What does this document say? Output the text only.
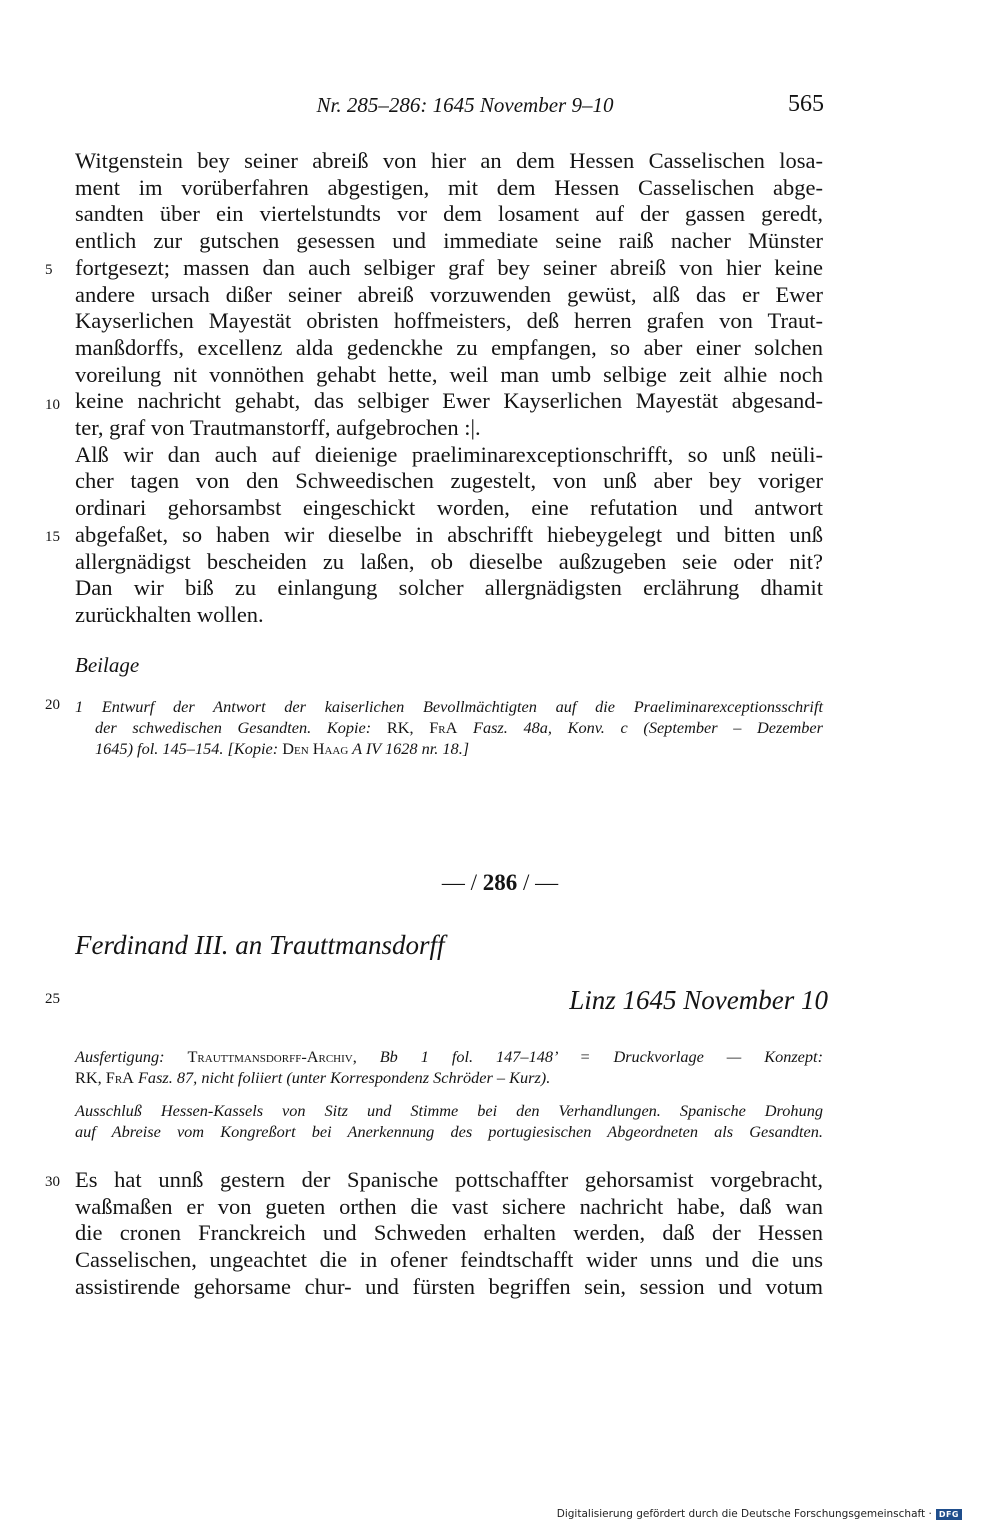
Nr. 285–286: 1645 November 9–10	565
Witgenstein bey seiner abreiß von hier an dem Hessen Casselischen losa-
ment im vorüberfahren abgestigen, mit dem Hessen Casselischen abge-
sandten über ein viertelstundts vor dem losament auf der gassen geredt,
entlich zur gutschen gesessen und immediate seine raiß nacher Münster
fortgesezt; massen dan auch selbiger graf bey seiner abreiß von hier keine
andere ursach dißer seiner abreiß vorzuwenden gewüst, alß das er Ewer
Kayserlichen Mayestät obristen hoffmeisters, deß herren grafen von Traut-
manßdorffs, excellenz alda gedenckhe zu empfangen, so aber einer solchen
voreilung nit vonnöthen gehabt hette, weil man umb selbige zeit alhie noch
keine nachricht gehabt, das selbiger Ewer Kayserlichen Mayestät abgesand-
ter, graf von Trautmanstorff, aufgebrochen :|.
Alß wir dan auch auf dieienige praeliminarexceptionschrifft, so unß neüli-
cher tagen von den Schweedischen zugestelt, von unß aber bey voriger
ordinari gehorsambst eingeschickt worden, eine refutation und antwort
abgefaßet, so haben wir dieselbe in abschrifft hiebeygelegt und bitten unß
allergnädigst bescheiden zu laßen, ob dieselbe außzugeben seie oder nit?
Dan wir biß zu einlangung solcher allergnädigsten erclährung dhamit
zurückhalten wollen.
5
10
15
Beilage
20 1 Entwurf der Antwort der kaiserlichen Bevollmächtigten auf die Praeliminarexceptionsschrift
der schwedischen Gesandten. Kopie: RK, FrA Fasz. 48a, Konv. c (September – Dezember
1645) fol. 145–154. [Kopie: Den Haag A IV 1628 nr. 18.]
— / 286 / —
Ferdinand III. an Trauttmansdorff
25	Linz 1645 November 10
Ausfertigung: Trauttmansdorff-Archiv, Bb 1 fol. 147–148’ = Druckvorlage — Konzept:
RK, FrA Fasz. 87, nicht foliiert (unter Korrespondenz Schröder – Kurz).
Ausschluß Hessen-Kassels von Sitz und Stimme bei den Verhandlungen. Spanische Drohung
auf Abreise vom Kongreßort bei Anerkennung des portugiesischen Abgeordneten als Gesandten.
30 Es hat unnß gestern der Spanische pottschaffter gehorsamist vorgebracht,
waßmaßen er von gueten orthen die vast sichere nachricht habe, daß wan
die cronen Franckreich und Schweden erhalten werden, daß der Hessen
Casselischen, ungeachtet die in ofener feindtschafft wider unns und die uns
assistirende gehorsame chur- und fürsten begriffen sein, session und votum
Digitalisierung gefördert durch die Deutsche Forschungsgemeinschaft · DFG
